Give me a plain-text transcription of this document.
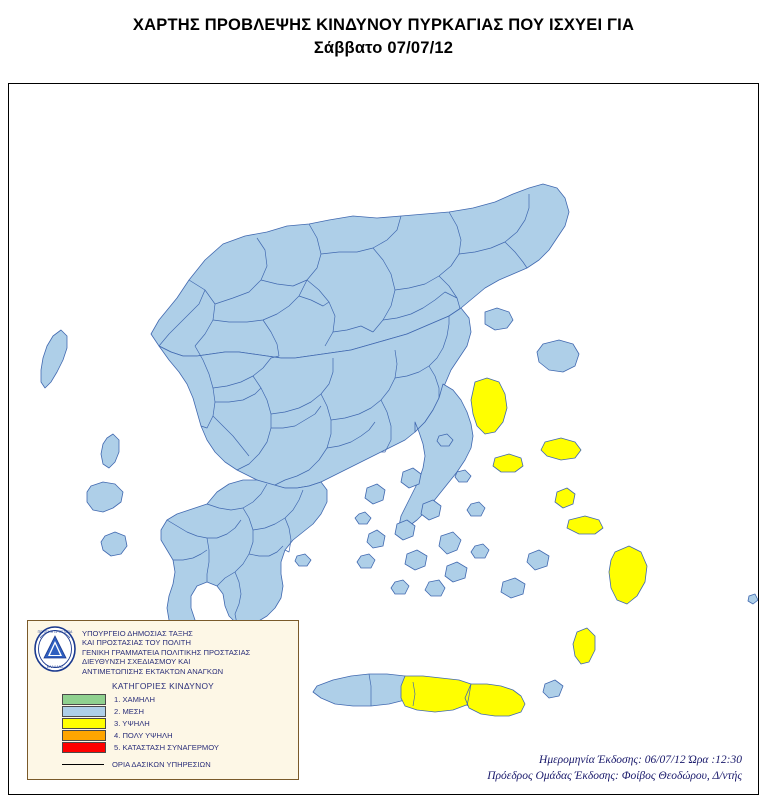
ΧΑΡΤΗΣ ΠΡΟΒΛΕΨΗΣ ΚΙΝΔΥΝΟΥ ΠΥΡΚΑΓΙΑΣ ΠΟΥ ΙΣΧΥΕΙ ΓΙΑ
Σάββατο 07/07/12
ΠΟΛΙΤΙΚΗ ΠΡΟΣΤΑΣΙΑ
ΕΛΛΑΔΑΣ
ΥΠΟΥΡΓΕΙΟ ΔΗΜΟΣΙΑΣ ΤΑΞΗΣ
ΚΑΙ ΠΡΟΣΤΑΣΙΑΣ ΤΟΥ ΠΟΛΙΤΗ
ΓΕΝΙΚΗ ΓΡΑΜΜΑΤΕΙΑ ΠΟΛΙΤΙΚΗΣ ΠΡΟΣΤΑΣΙΑΣ
ΔΙΕΥΘΥΝΣΗ ΣΧΕΔΙΑΣΜΟΥ ΚΑΙ
ΑΝΤΙΜΕΤΩΠΙΣΗΣ ΕΚΤΑΚΤΩΝ ΑΝΑΓΚΩΝ
ΚΑΤΗΓΟΡΙΕΣ ΚΙΝΔΥΝΟΥ
1. ΧΑΜΗΛΗ
2. ΜΕΣΗ
3. ΥΨΗΛΗ
4. ΠΟΛΥ ΥΨΗΛΗ
5. ΚΑΤΑΣΤΑΣΗ ΣΥΝΑΓΕΡΜΟΥ
ΟΡΙΑ ΔΑΣΙΚΩΝ ΥΠΗΡΕΣΙΩΝ	Ημερομηνία Έκδοσης: 06/07/12 Ώρα :12:30
Πρόεδρος Ομάδας Έκδοσης: Φοίβος Θεοδώρου, Δ/ντής
